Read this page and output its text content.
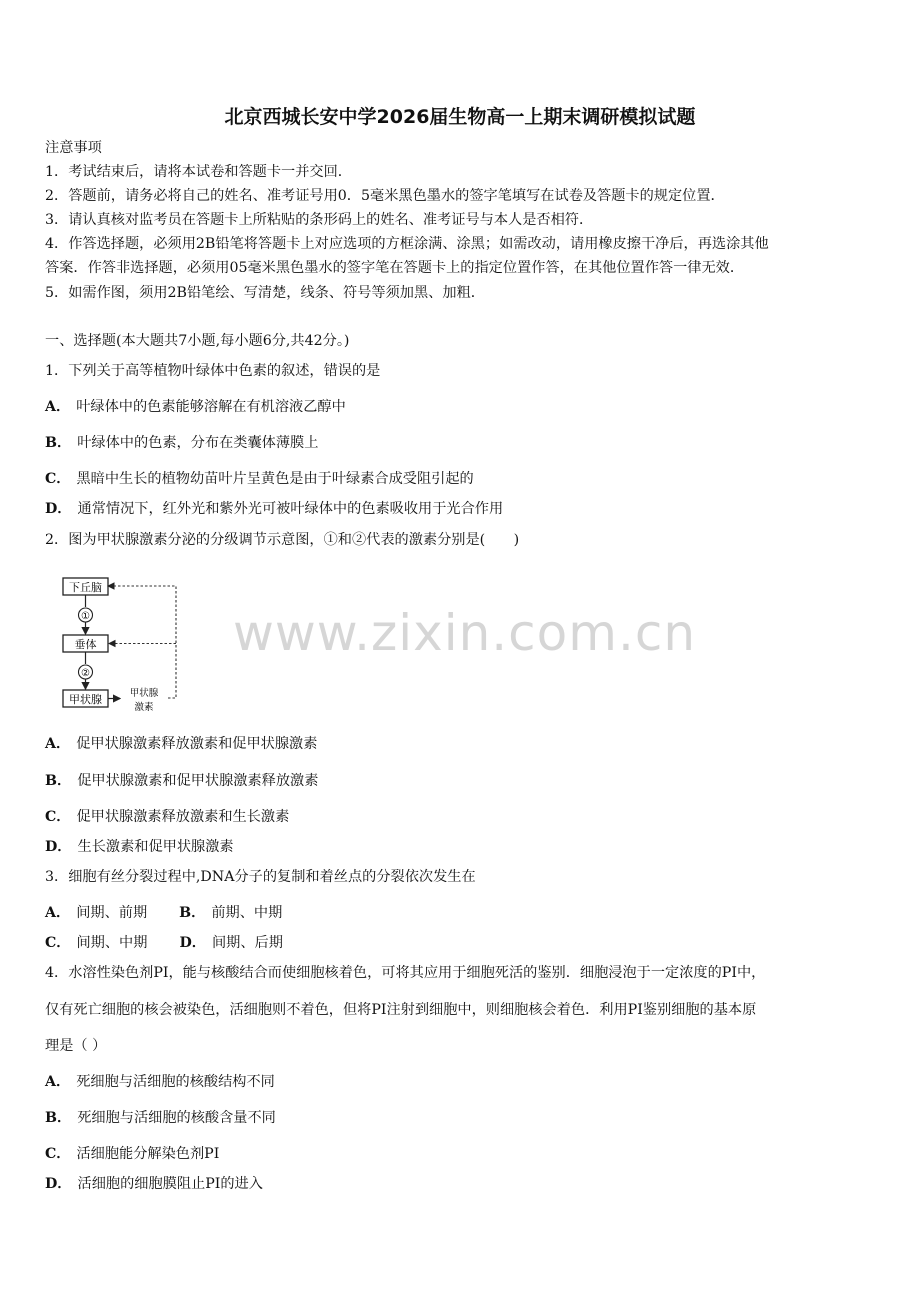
北京西城长安中学2026届生物高一上期末调研模拟试题
注意事项
1．考试结束后，请将本试卷和答题卡一并交回．
2．答题前，请务必将自己的姓名、准考证号用0．5毫米黑色墨水的签字笔填写在试卷及答题卡的规定位置．
3．请认真核对监考员在答题卡上所粘贴的条形码上的姓名、准考证号与本人是否相符．
4．作答选择题，必须用2B铅笔将答题卡上对应选项的方框涂满、涂黑；如需改动，请用橡皮擦干净后，再选涂其他
答案．作答非选择题，必须用05毫米黑色墨水的签字笔在答题卡上的指定位置作答，在其他位置作答一律无效．
5．如需作图，须用2B铅笔绘、写清楚，线条、符号等须加黑、加粗．
一、选择题(本大题共7小题,每小题6分,共42分。)
1．下列关于高等植物叶绿体中色素的叙述，错误的是
A． 叶绿体中的色素能够溶解在有机溶液乙醇中
B． 叶绿体中的色素，分布在类囊体薄膜上
C． 黑暗中生长的植物幼苗叶片呈黄色是由于叶绿素合成受阻引起的
D． 通常情况下，红外光和紫外光可被叶绿体中的色素吸收用于光合作用
2．图为甲状腺激素分泌的分级调节示意图，①和②代表的激素分别是(　　)
下丘脑
垂体
甲状腺
①
②
甲状腺
激素
www.zixin.com.cn
A． 促甲状腺激素释放激素和促甲状腺激素
B． 促甲状腺激素和促甲状腺激素释放激素
C． 促甲状腺激素释放激素和生长激素
D． 生长激素和促甲状腺激素
3．细胞有丝分裂过程中,DNA分子的复制和着丝点的分裂依次发生在
A． 间期、前期 B． 前期、中期
C． 间期、中期 D． 间期、后期
4．水溶性染色剂PI，能与核酸结合而使细胞核着色，可将其应用于细胞死活的鉴别．细胞浸泡于一定浓度的PI中，
仅有死亡细胞的核会被染色，活细胞则不着色，但将PI注射到细胞中，则细胞核会着色．利用PI鉴别细胞的基本原
理是（ ）
A． 死细胞与活细胞的核酸结构不同
B． 死细胞与活细胞的核酸含量不同
C． 活细胞能分解染色剂PI
D． 活细胞的细胞膜阻止PI的进入
